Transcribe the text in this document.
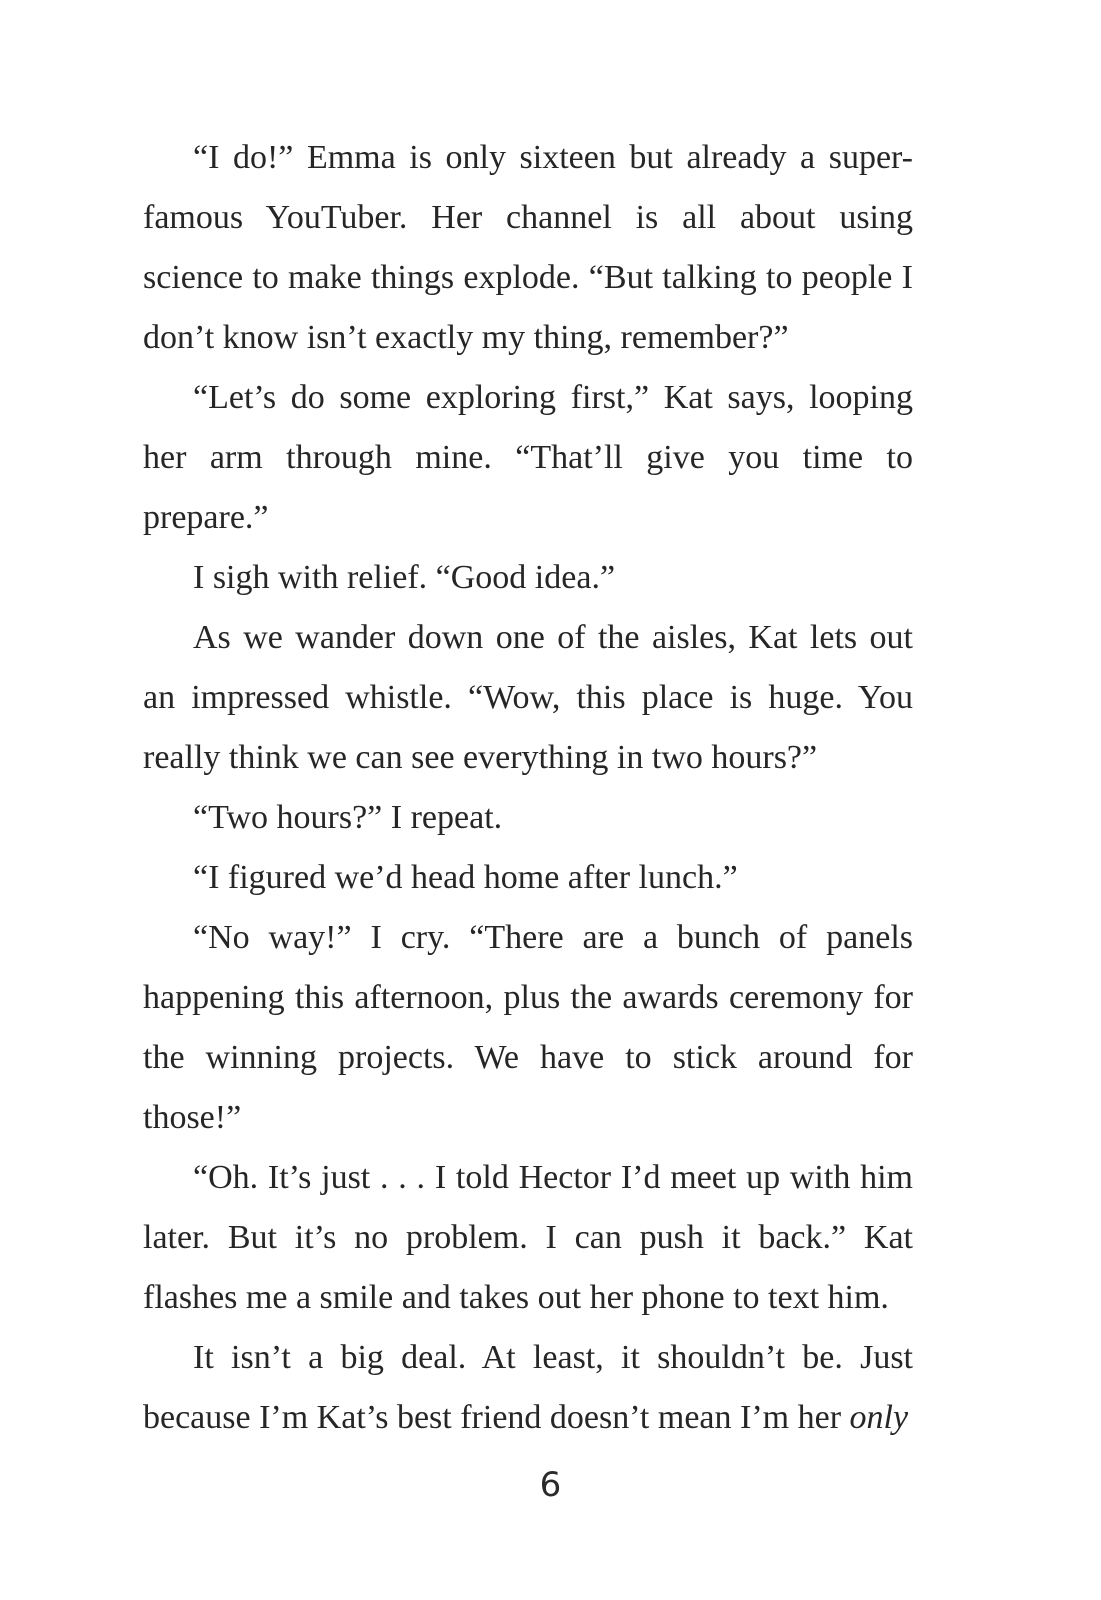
“I do!” Emma is only sixteen but already a super-famous YouTuber. Her channel is all about using science to make things explode. “But talking to people I don’t know isn’t exactly my thing, remember?”

“Let’s do some exploring first,” Kat says, looping her arm through mine. “That’ll give you time to prepare.”

I sigh with relief. “Good idea.”

As we wander down one of the aisles, Kat lets out an impressed whistle. “Wow, this place is huge. You really think we can see everything in two hours?”

“Two hours?” I repeat.

“I figured we’d head home after lunch.”

“No way!” I cry. “There are a bunch of panels happening this afternoon, plus the awards ceremony for the winning projects. We have to stick around for those!”

“Oh. It’s just . . . I told Hector I’d meet up with him later. But it’s no problem. I can push it back.” Kat flashes me a smile and takes out her phone to text him.

It isn’t a big deal. At least, it shouldn’t be. Just because I’m Kat’s best friend doesn’t mean I’m her only

6
